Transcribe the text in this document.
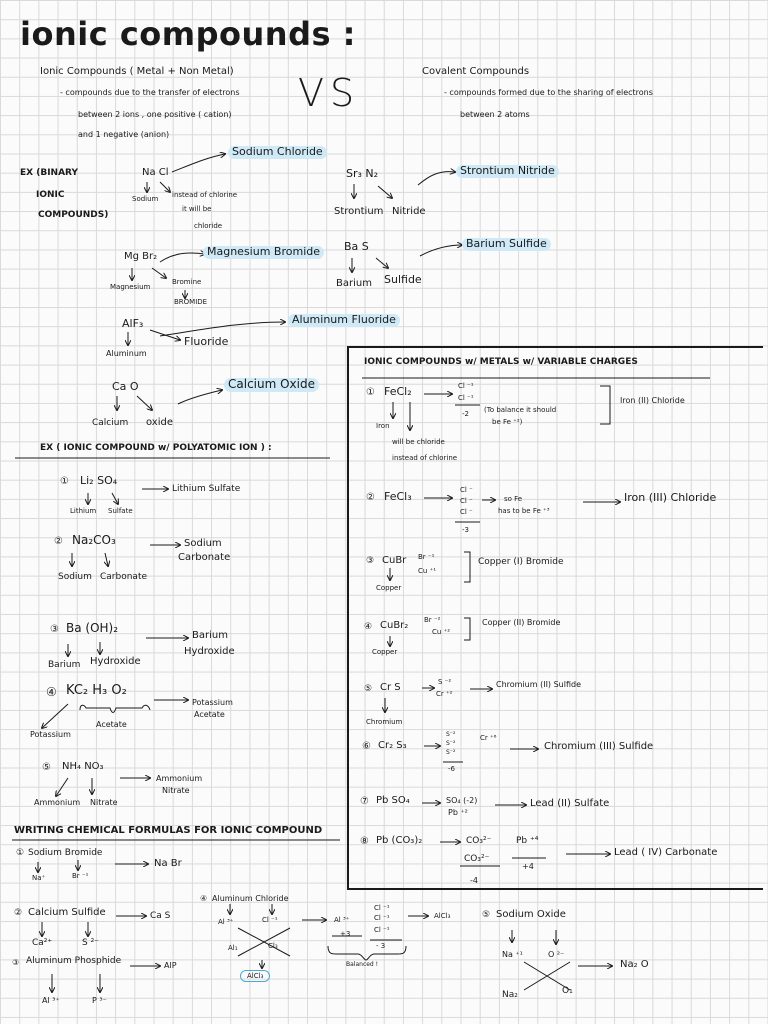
ionic compounds :
VS
Ionic Compounds ( Metal + Non Metal)
- compounds due to the transfer of electrons
between 2 ions , one positive ( cation)
and 1 negative (anion)
Covalent Compounds
- compounds formed due to the sharing of electrons
between 2 atoms
EX (BINARY
IONIC
COMPOUNDS)
Na Cl
Sodium instead of chlorine
it will be
chloride
Sodium Chloride
Mg Br₂
Magnesium
Bromine
BROMIDE
Magnesium Bromide
AlF₃
Aluminum
Fluoride
Aluminum Fluoride
Ca O
Calcium oxide
Calcium Oxide
Sr₃ N₂
Strontium Nitride
Strontium Nitride
Ba S
Barium Sulfide
Barium Sulfide
EX ( IONIC COMPOUND w/ POLYATOMIC ION ) :
① Li₂ SO₄
Lithium Sulfate
Lithium Sulfate
② Na₂CO₃
Sodium Carbonate
Sodium
Carbonate
③ Ba (OH)₂
Barium Hydroxide
Barium
Hydroxide
④ KC₂ H₃ O₂
Potassium
Acetate
Potassium
Acetate
⑤ NH₄ NO₃
Ammonium Nitrate
Ammonium
Nitrate
WRITING CHEMICAL FORMULAS FOR IONIC COMPOUND
① Sodium Bromide
Na⁺	Br ⁻¹
Na Br
② Calcium Sulfide
Ca²⁺	S ²⁻
Ca S
③ Aluminum Phosphide
Al ³⁺	P ³⁻
AlP
④ Aluminum Chloride
Al ³⁺	Cl ⁻¹
Al₁	Cl₃
AlCl₃
Al ³⁺
+3
Cl ⁻¹
Cl ⁻¹
Cl ⁻¹
- 3
AlCl₃
Balanced !
⑤ Sodium Oxide
Na ⁺¹	O ²⁻
Na₂	O₁
Na₂ O
IONIC COMPOUNDS w/ METALS w/ VARIABLE CHARGES
① FeCl₂	Cl ⁻¹
Cl ⁻¹
-2 (To balance it should
be Fe ⁺²)
Iron
will be chloride
instead of chlorine
Iron (II) Chloride
② FeCl₃	Cl ⁻
Cl ⁻
Cl ⁻
-3
so Fe
has to be Fe ⁺³
Iron (III) Chloride
③ CuBr Br ⁻¹
Cu ⁺¹
Copper
Copper (I) Bromide
④ CuBr₂ Br ⁻²
Cu ⁺²
Copper
Copper (II) Bromide
⑤ Cr S	S ⁻²
Cr ⁺²
Chromium
Chromium (II) Sulfide
⑥ Cr₂ S₃
S⁻²
S⁻²
S⁻²
-6
Cr ⁺⁶
Chromium (III) Sulfide
⑦ Pb SO₄	SO₄ (-2)
Pb ⁺²
Lead (II) Sulfate
⑧ Pb (CO₃)₂	CO₃²⁻
CO₃²⁻
-4
Pb ⁺⁴
+4
Lead ( IV) Carbonate
